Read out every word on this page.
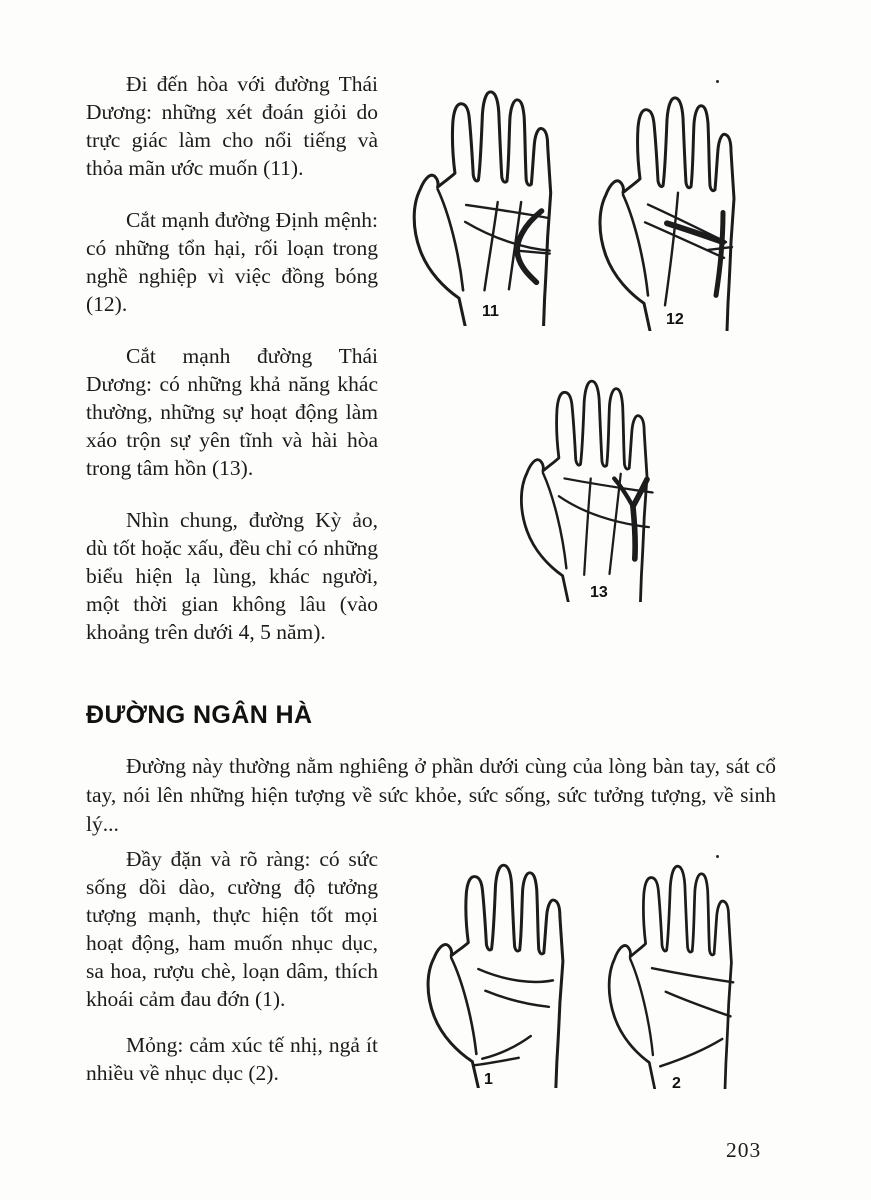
Đi đến hòa với đường Thái Dương: những xét đoán giỏi do trực giác làm cho nổi tiếng và thỏa mãn ước muốn (11).

Cắt mạnh đường Định mệnh: có những tổn hại, rối loạn trong nghề nghiệp vì việc đồng bóng (12).

Cắt mạnh đường Thái Dương: có những khả năng khác thường, những sự hoạt động làm xáo trộn sự yên tĩnh và hài hòa trong tâm hồn (13).

Nhìn chung, đường Kỳ ảo, dù tốt hoặc xấu, đều chỉ có những biểu hiện lạ lùng, khác người, một thời gian không lâu (vào khoảng trên dưới 4, 5 năm).

11	12
13
ĐƯỜNG NGÂN HÀ

Đường này thường nằm nghiêng ở phần dưới cùng của lòng bàn tay, sát cổ tay, nói lên những hiện tượng về sức khỏe, sức sống, sức tưởng tượng, về sinh lý...

Đầy đặn và rõ ràng: có sức sống dồi dào, cường độ tưởng tượng mạnh, thực hiện tốt mọi hoạt động, ham muốn nhục dục, sa hoa, rượu chè, loạn dâm, thích khoái cảm đau đớn (1).

Mỏng: cảm xúc tế nhị, ngả ít nhiều về nhục dục (2).	1	2
203
